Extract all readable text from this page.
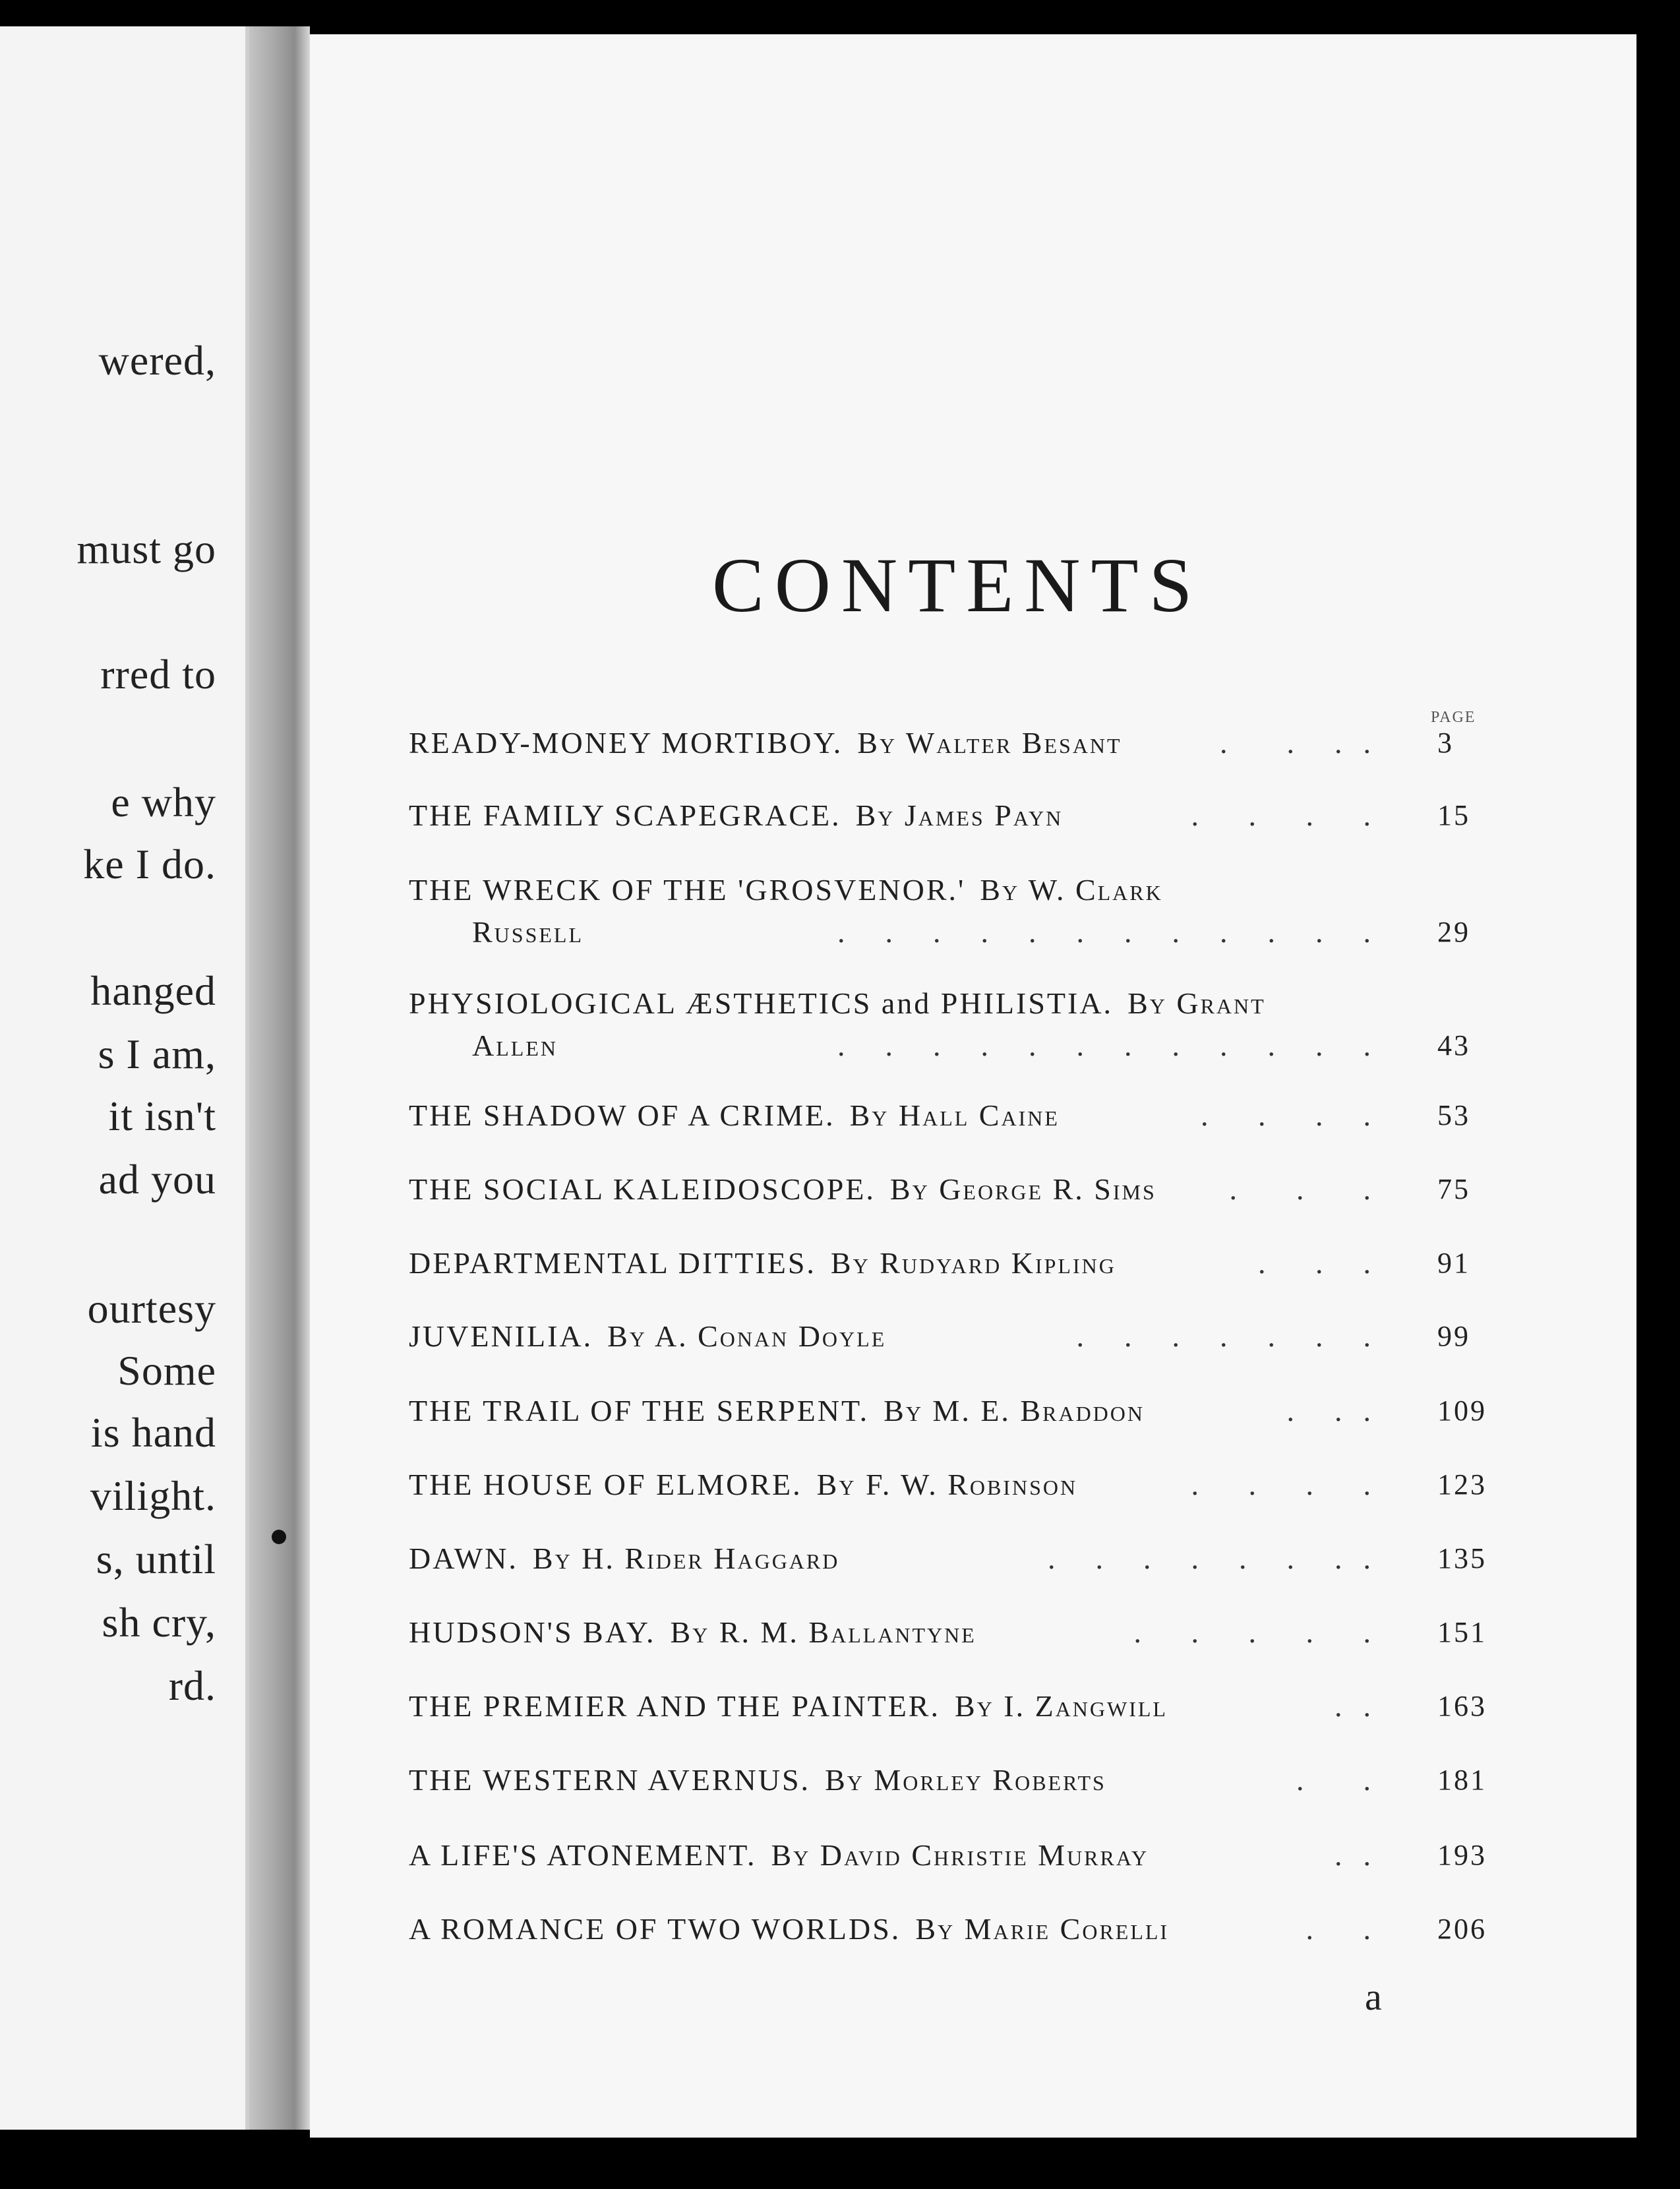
wered,
must go
rred to
e why
ke I do.
hanged
s I am,
it isn't
ad you
ourtesy
Some
is hand
vilight.
s, until
sh cry,
rd.
CONTENTS
PAGE
READY-MONEY MORTIBOY. By Walter Besant	.      .    .  . 3
THE FAMILY SCAPEGRACE. By James Payn	.     .     .     . 15
THE WRECK OF THE 'GROSVENOR.' By W. Clark
Russell	.    .    .    .    .    .    .    .    .    .    .    . 29
PHYSIOLOGICAL ÆSTHETICS and PHILISTIA. By Grant
Allen	.    .    .    .    .    .    .    .    .    .    .    . 43
THE SHADOW OF A CRIME. By Hall Caine	.     .     .    . 53
THE SOCIAL KALEIDOSCOPE. By George R. Sims .      .      . 75
DEPARTMENTAL DITTIES. By Rudyard Kipling	.     .    . 91
JUVENILIA. By A. Conan Doyle	.    .    .    .    .    .    . 99
THE TRAIL OF THE SERPENT. By M. E. Braddon	.    .  . 109
THE HOUSE OF ELMORE. By F. W. Robinson	.     .     .     . 123
DAWN. By H. Rider Haggard	.    .    .    .    .    .    .  . 135
HUDSON'S BAY. By R. M. Ballantyne	.     .     .     .     . 151
THE PREMIER AND THE PAINTER. By I. Zangwill	.  . 163
THE WESTERN AVERNUS. By Morley Roberts	.      . 181
A LIFE'S ATONEMENT. By David Christie Murray	.  . 193
A ROMANCE OF TWO WORLDS. By Marie Corelli	.     . 206
a
